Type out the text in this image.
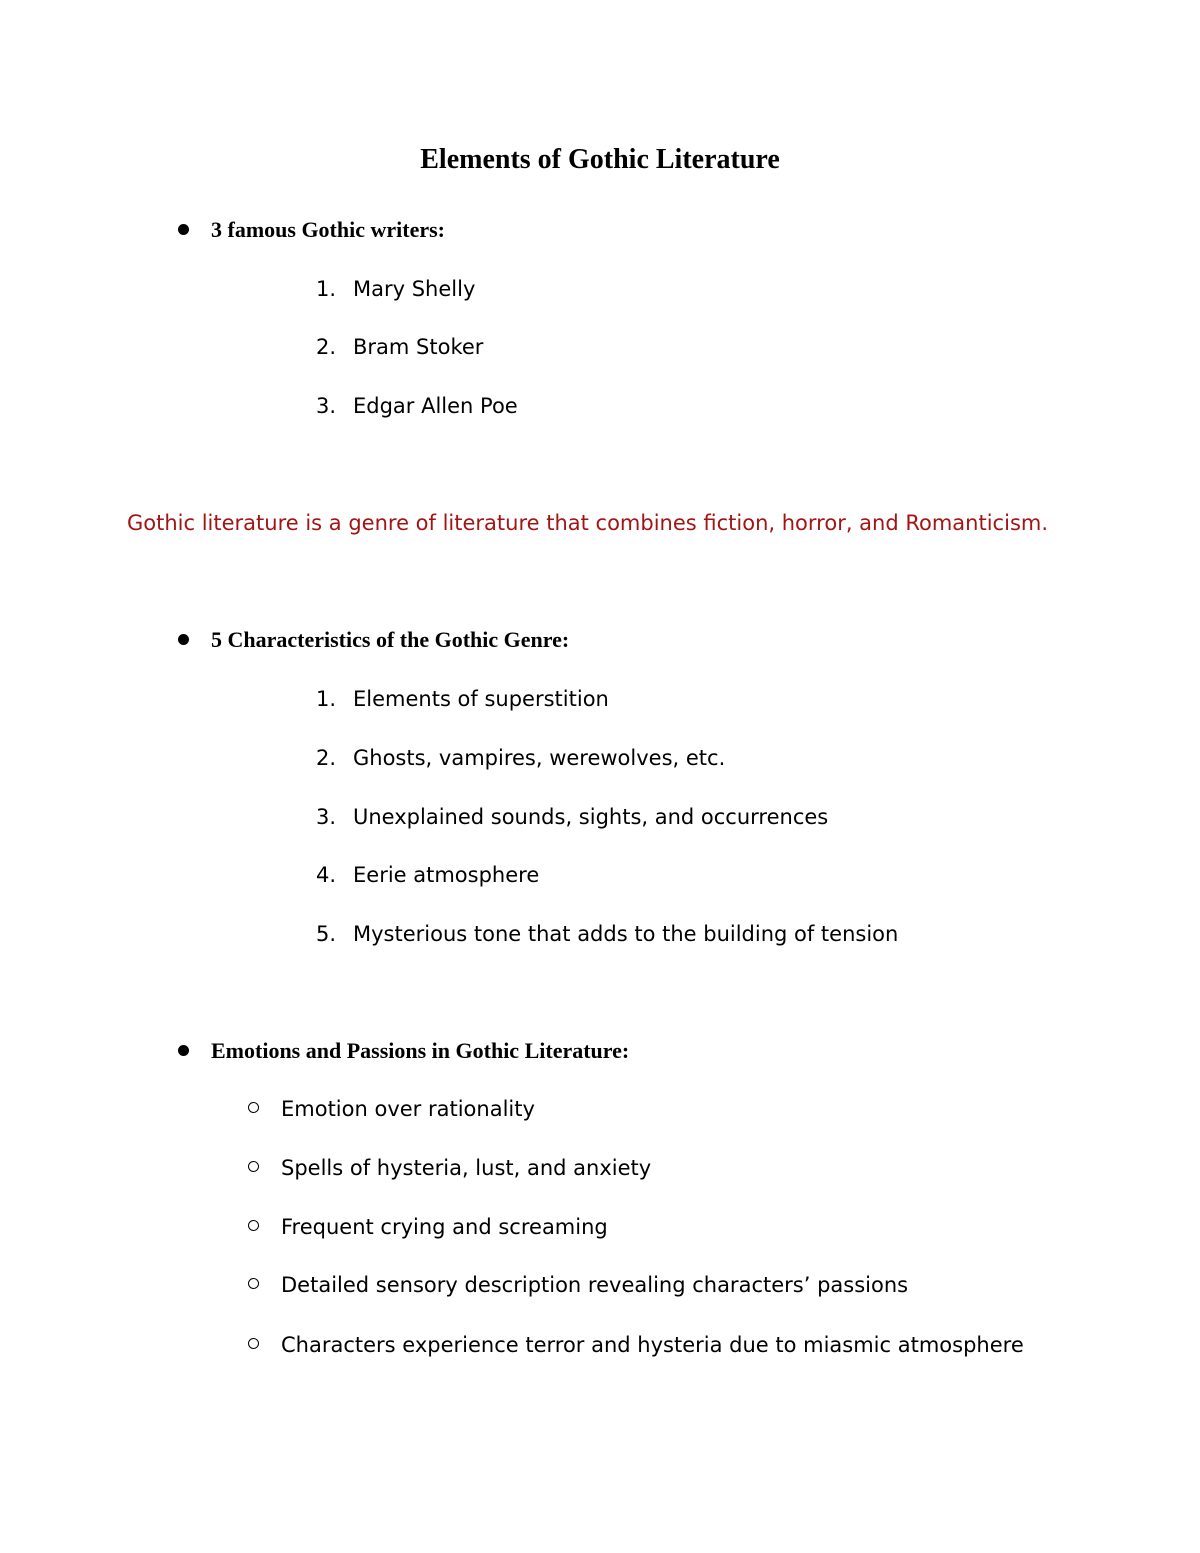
Elements of Gothic Literature
3 famous Gothic writers:
1. Mary Shelly
2. Bram Stoker
3. Edgar Allen Poe
Gothic literature is a genre of literature that combines fiction, horror, and Romanticism.
5 Characteristics of the Gothic Genre:
1. Elements of superstition
2. Ghosts, vampires, werewolves, etc.
3. Unexplained sounds, sights, and occurrences
4. Eerie atmosphere
5. Mysterious tone that adds to the building of tension
Emotions and Passions in Gothic Literature:
Emotion over rationality
Spells of hysteria, lust, and anxiety
Frequent crying and screaming
Detailed sensory description revealing characters’ passions
Characters experience terror and hysteria due to miasmic atmosphere
